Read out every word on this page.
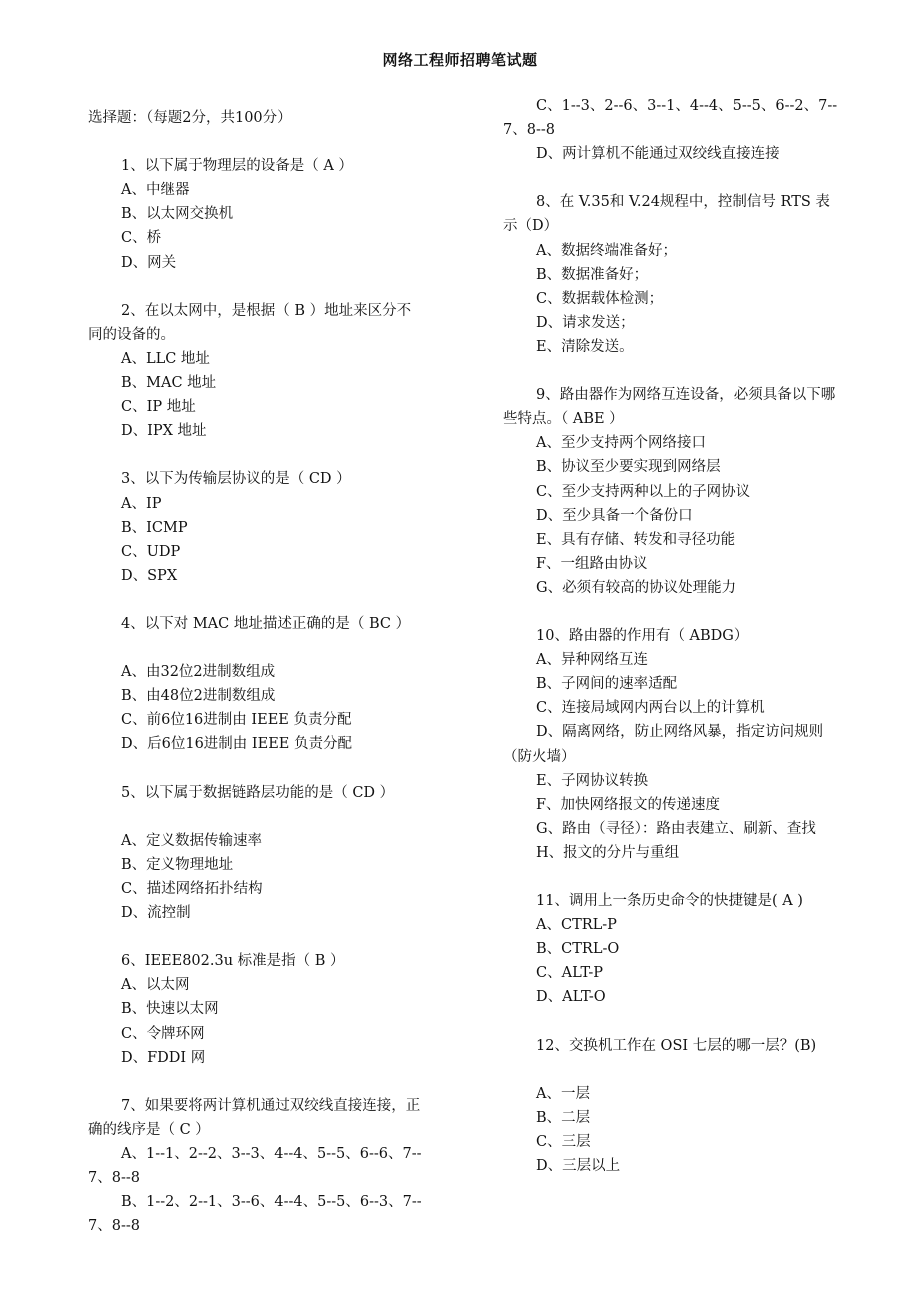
网络工程师招聘笔试题
选择题：（每题2分，共100分）
1、以下属于物理层的设备是（ A ）
A、中继器
B、以太网交换机
C、桥
D、网关
2、在以太网中，是根据（ B ）地址来区分不同的设备的。
A、LLC 地址
B、MAC 地址
C、IP 地址
D、IPX 地址
3、以下为传输层协议的是（ CD ）
A、IP
B、ICMP
C、UDP
D、SPX
4、以下对 MAC 地址描述正确的是（ BC ）
A、由32位2进制数组成
B、由48位2进制数组成
C、前6位16进制由 IEEE 负责分配
D、后6位16进制由 IEEE 负责分配
5、以下属于数据链路层功能的是（ CD ）
A、定义数据传输速率
B、定义物理地址
C、描述网络拓扑结构
D、流控制
6、IEEE802.3u 标准是指（ B ）
A、以太网
B、快速以太网
C、令牌环网
D、FDDI 网
7、如果要将两计算机通过双绞线直接连接，正确的线序是（ C ）
A、1--1、2--2、3--3、4--4、5--5、6--6、7--7、8--8
B、1--2、2--1、3--6、4--4、5--5、6--3、7--7、8--8
C、1--3、2--6、3--1、4--4、5--5、6--2、7--7、8--8
D、两计算机不能通过双绞线直接连接
8、在 V.35和 V.24规程中，控制信号 RTS 表示（D）
A、数据终端准备好；
B、数据准备好；
C、数据载体检测；
D、请求发送；
E、清除发送。
9、路由器作为网络互连设备，必须具备以下哪些特点。（ ABE ）
A、至少支持两个网络接口
B、协议至少要实现到网络层
C、至少支持两种以上的子网协议
D、至少具备一个备份口
E、具有存储、转发和寻径功能
F、一组路由协议
G、必须有较高的协议处理能力
10、路由器的作用有（ ABDG）
A、异种网络互连
B、子网间的速率适配
C、连接局域网内两台以上的计算机
D、隔离网络，防止网络风暴，指定访问规则（防火墙）
E、子网协议转换
F、加快网络报文的传递速度
G、路由（寻径）：路由表建立、刷新、查找
H、报文的分片与重组
11、调用上一条历史命令的快捷键是( A )
A、CTRL-P
B、CTRL-O
C、ALT-P
D、ALT-O
12、交换机工作在 OSI 七层的哪一层？(B)
A、一层
B、二层
C、三层
D、三层以上
